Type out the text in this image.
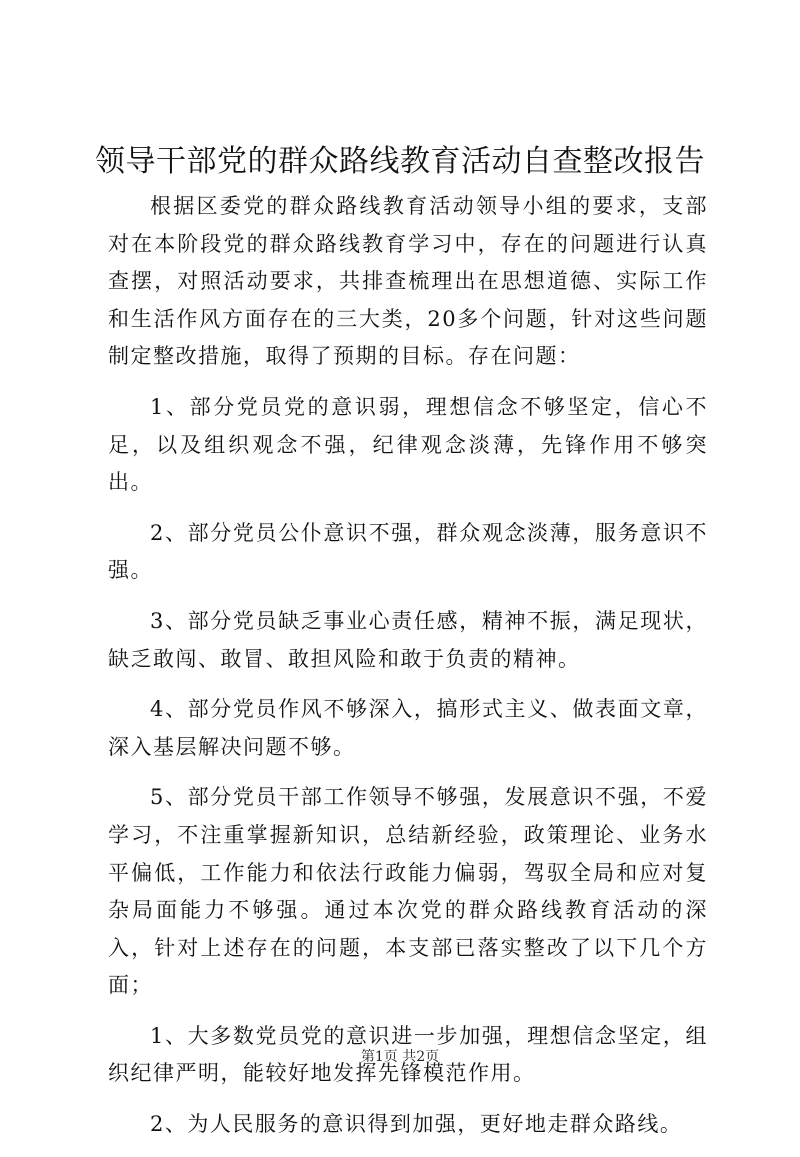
领导干部党的群众路线教育活动自查整改报告

根据区委党的群众路线教育活动领导小组的要求，支部对在本阶段党的群众路线教育学习中，存在的问题进行认真查摆，对照活动要求，共排查梳理出在思想道德、实际工作和生活作风方面存在的三大类，20多个问题，针对这些问题制定整改措施，取得了预期的目标。存在问题：

1、部分党员党的意识弱，理想信念不够坚定，信心不足，以及组织观念不强，纪律观念淡薄，先锋作用不够突出。

2、部分党员公仆意识不强，群众观念淡薄，服务意识不强。

3、部分党员缺乏事业心责任感，精神不振，满足现状，缺乏敢闯、敢冒、敢担风险和敢于负责的精神。

4、部分党员作风不够深入，搞形式主义、做表面文章，深入基层解决问题不够。

5、部分党员干部工作领导不够强，发展意识不强，不爱学习，不注重掌握新知识，总结新经验，政策理论、业务水平偏低，工作能力和依法行政能力偏弱，驾驭全局和应对复杂局面能力不够强。通过本次党的群众路线教育活动的深入，针对上述存在的问题，本支部已落实整改了以下几个方面；

1、大多数党员党的意识进一步加强，理想信念坚定，组织纪律严明，能较好地发挥先锋模范作用。

2、为人民服务的意识得到加强，更好地走群众路线。

第1页 共2页
